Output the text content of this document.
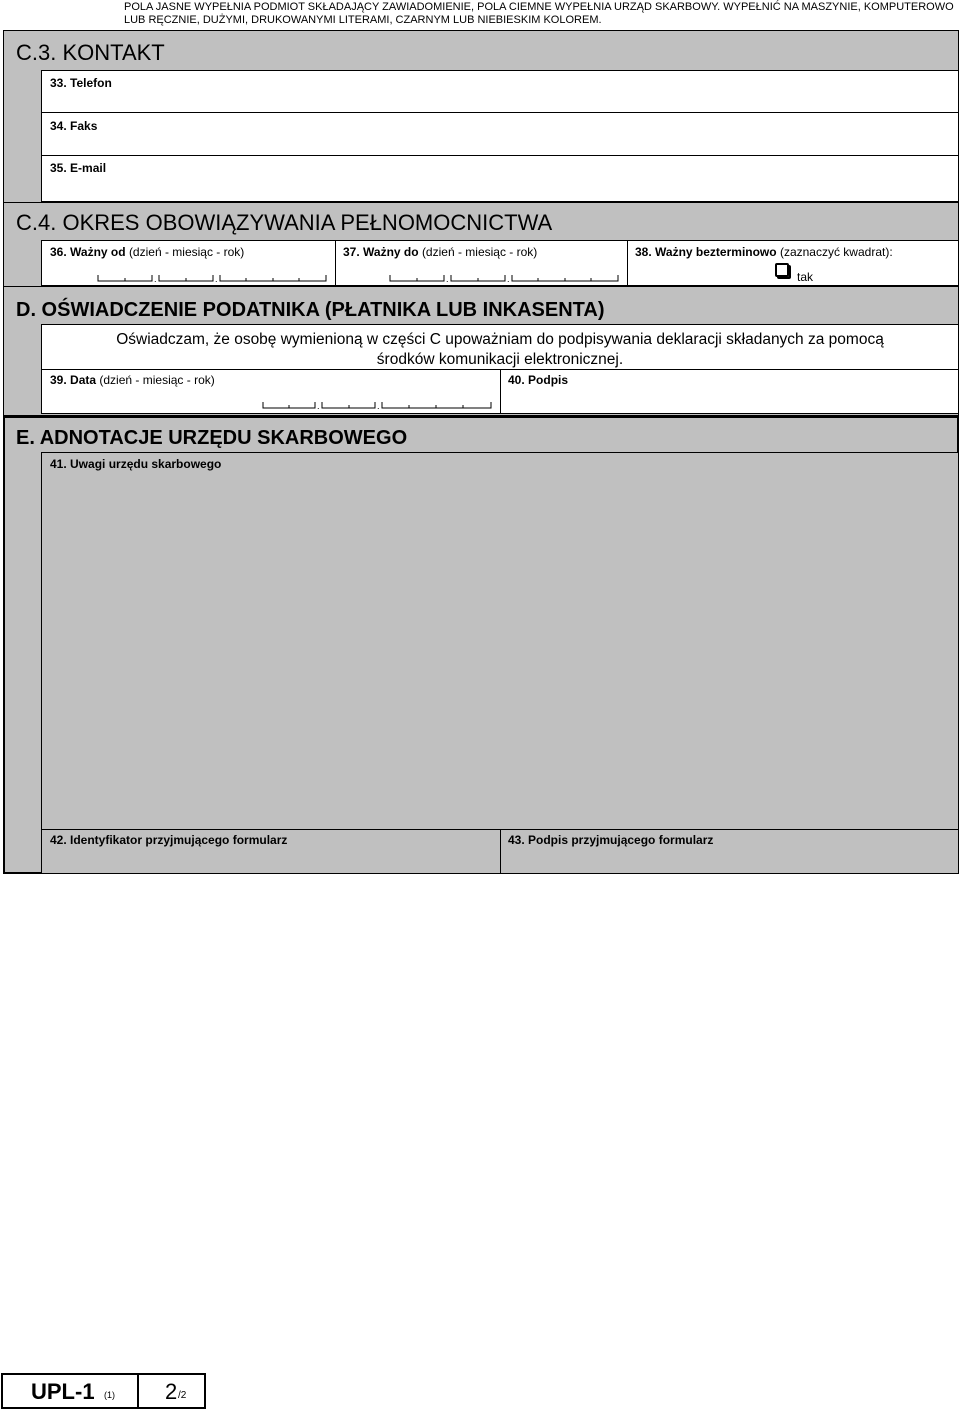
POLA JASNE WYPEŁNIA PODMIOT SKŁADAJĄCY ZAWIADOMIENIE, POLA CIEMNE WYPEŁNIA URZĄD SKARBOWY. WYPEŁNIĆ NA MASZYNIE, KOMPUTEROWO LUB RĘCZNIE, DUŻYMI, DRUKOWANYMI LITERAMI, CZARNYM LUB NIEBIESKIM KOLOREM.
C.3. KONTAKT
33. Telefon
34. Faks
35. E-mail
C.4. OKRES OBOWIĄZYWANIA PEŁNOMOCNICTWA
36. Ważny od (dzień - miesiąc - rok)
.	.
37. Ważny do (dzień - miesiąc - rok)
.	.
38. Ważny bezterminowo (zaznaczyć kwadrat):
tak
D. OŚWIADCZENIE PODATNIKA (PŁATNIKA LUB INKASENTA)
Oświadczam, że osobę wymienioną w części C upoważniam do podpisywania deklaracji składanych za pomocą
środków komunikacji elektronicznej.
39. Data (dzień - miesiąc - rok)
.	.
40. Podpis
E. ADNOTACJE URZĘDU SKARBOWEGO
41. Uwagi urzędu skarbowego
42. Identyfikator przyjmującego formularz	43. Podpis przyjmującego formularz
UPL-1 (1) 2 /2
